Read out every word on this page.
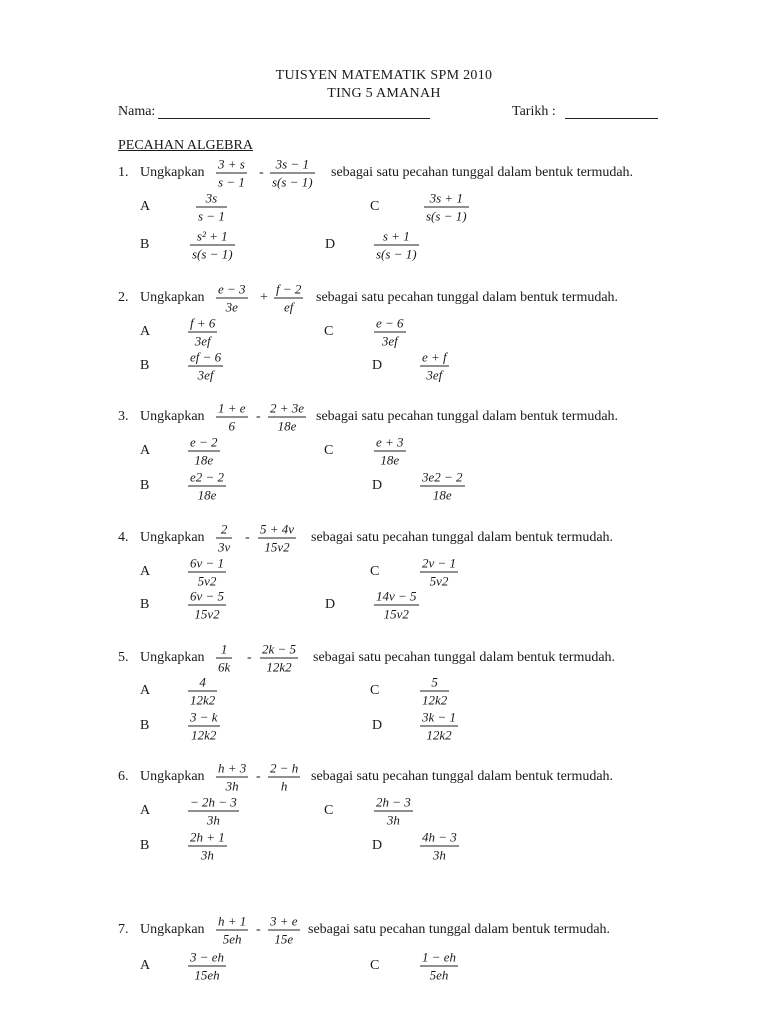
TUISYEN MATEMATIK SPM 2010
TING 5 AMANAH
Nama:	Tarikh :
PECAHAN ALGEBRA
1. Ungkapkan
3 + s
s − 1
-
3s − 1
s(s − 1)
sebagai satu pecahan tunggal dalam bentuk termudah.
A
3s
s − 1
C
3s + 1
s(s − 1)
B
s² + 1
s(s − 1)
D
s + 1
s(s − 1)
2. Ungkapkan
e − 3
3e
+
f − 2
ef
sebagai satu pecahan tunggal dalam bentuk termudah.
A
f + 6
3ef
C
e − 6
3ef
B
ef − 6
3ef
D
e + f
3ef
3. Ungkapkan
1 + e
6
-
2 + 3e
18e
sebagai satu pecahan tunggal dalam bentuk termudah.
A
e − 2
18e
C
e + 3
18e
B
e2 − 2
18e
D
3e2 − 2
18e
4. Ungkapkan
2
3v
-
5 + 4v
15v2
sebagai satu pecahan tunggal dalam bentuk termudah.
A
6v − 1
5v2
C
2v − 1
5v2
B
6v − 5
15v2
D
14v − 5
15v2
5. Ungkapkan
1
6k
-
2k − 5
12k2
sebagai satu pecahan tunggal dalam bentuk termudah.
A
4
12k2
C
5
12k2
B
3 − k
12k2
D
3k − 1
12k2
6. Ungkapkan
h + 3
3h
-
2 − h
h
sebagai satu pecahan tunggal dalam bentuk termudah.
A
− 2h − 3
3h
C
2h − 3
3h
B
2h + 1
3h
D
4h − 3
3h
7. Ungkapkan
h + 1
5eh
-
3 + e
15e
sebagai satu pecahan tunggal dalam bentuk termudah.
A
3 − eh
15eh
C
1 − eh
5eh
